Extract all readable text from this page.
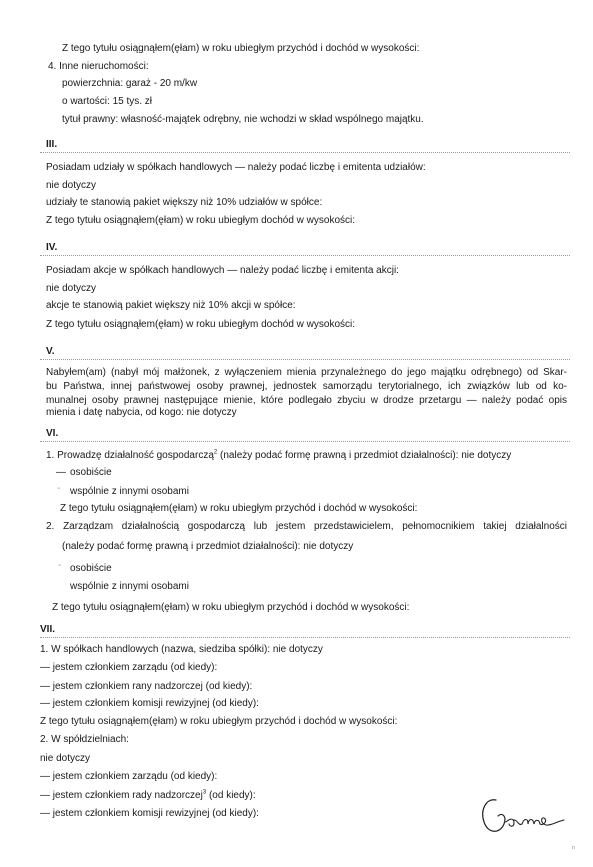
Z tego tytułu osiągnąłem(ęłam) w roku ubiegłym przychód i dochód w wysokości:
4. Inne nieruchomości:
powierzchnia: garaż - 20 m/kw
o wartości: 15 tys. zł
tytuł prawny: własność-majątek odrębny, nie wchodzi w skład wspólnego majątku.
III.
Posiadam udziały w spółkach handlowych — należy podać liczbę i emitenta udziałów:
nie dotyczy
udziały te stanowią pakiet większy niż 10% udziałów w spółce:
Z tego tytułu osiągnąłem(ęłam) w roku ubiegłym dochód w wysokości:
IV.
Posiadam akcje w spółkach handlowych — należy podać liczbę i emitenta akcji:
nie dotyczy
akcje te stanowią pakiet większy niż 10% akcji w spółce:
Z tego tytułu osiągnąłem(ęłam) w roku ubiegłym dochód w wysokości:
V.
Nabyłem(am) (nabył mój małżonek, z wyłączeniem mienia przynależnego do jego majątku odrębnego) od Skar-
bu Państwa, innej państwowej osoby prawnej, jednostek samorządu terytorialnego, ich związków lub od ko-
munalnej osoby prawnej następujące mienie, które podlegało zbyciu w drodze przetargu — należy podać opis
mienia i datę nabycia, od kogo: nie dotyczy
VI.
1. Prowadzę działalność gospodarczą$^2$ (należy podać formę prawną i przedmiot działalności): nie dotyczy
— osobiście
- wspólnie z innymi osobami
Z tego tytułu osiągnąłem(ęłam) w roku ubiegłym przychód i dochód w wysokości:
2. Zarządzam działalnością gospodarczą lub jestem przedstawicielem, pełnomocnikiem takiej działalności
(należy podać formę prawną i przedmiot działalności): nie dotyczy
- osobiście
wspólnie z innymi osobami
Z tego tytułu osiągnąłem(ęłam) w roku ubiegłym przychód i dochód w wysokości:
VII.
1. W spółkach handlowych (nazwa, siedziba spółki): nie dotyczy
— jestem członkiem zarządu (od kiedy):
— jestem członkiem rany nadzorczej (od kiedy):
— jestem członkiem komisji rewizyjnej (od kiedy):
Z tego tytułu osiągnąłem(ęłam) w roku ubiegłym przychód i dochód w wysokości:
2. W spółdzielniach:
nie dotyczy
— jestem członkiem zarządu (od kiedy):
— jestem członkiem rady nadzorczej$^3$ (od kiedy):
— jestem członkiem komisji rewizyjnej (od kiedy):
n
